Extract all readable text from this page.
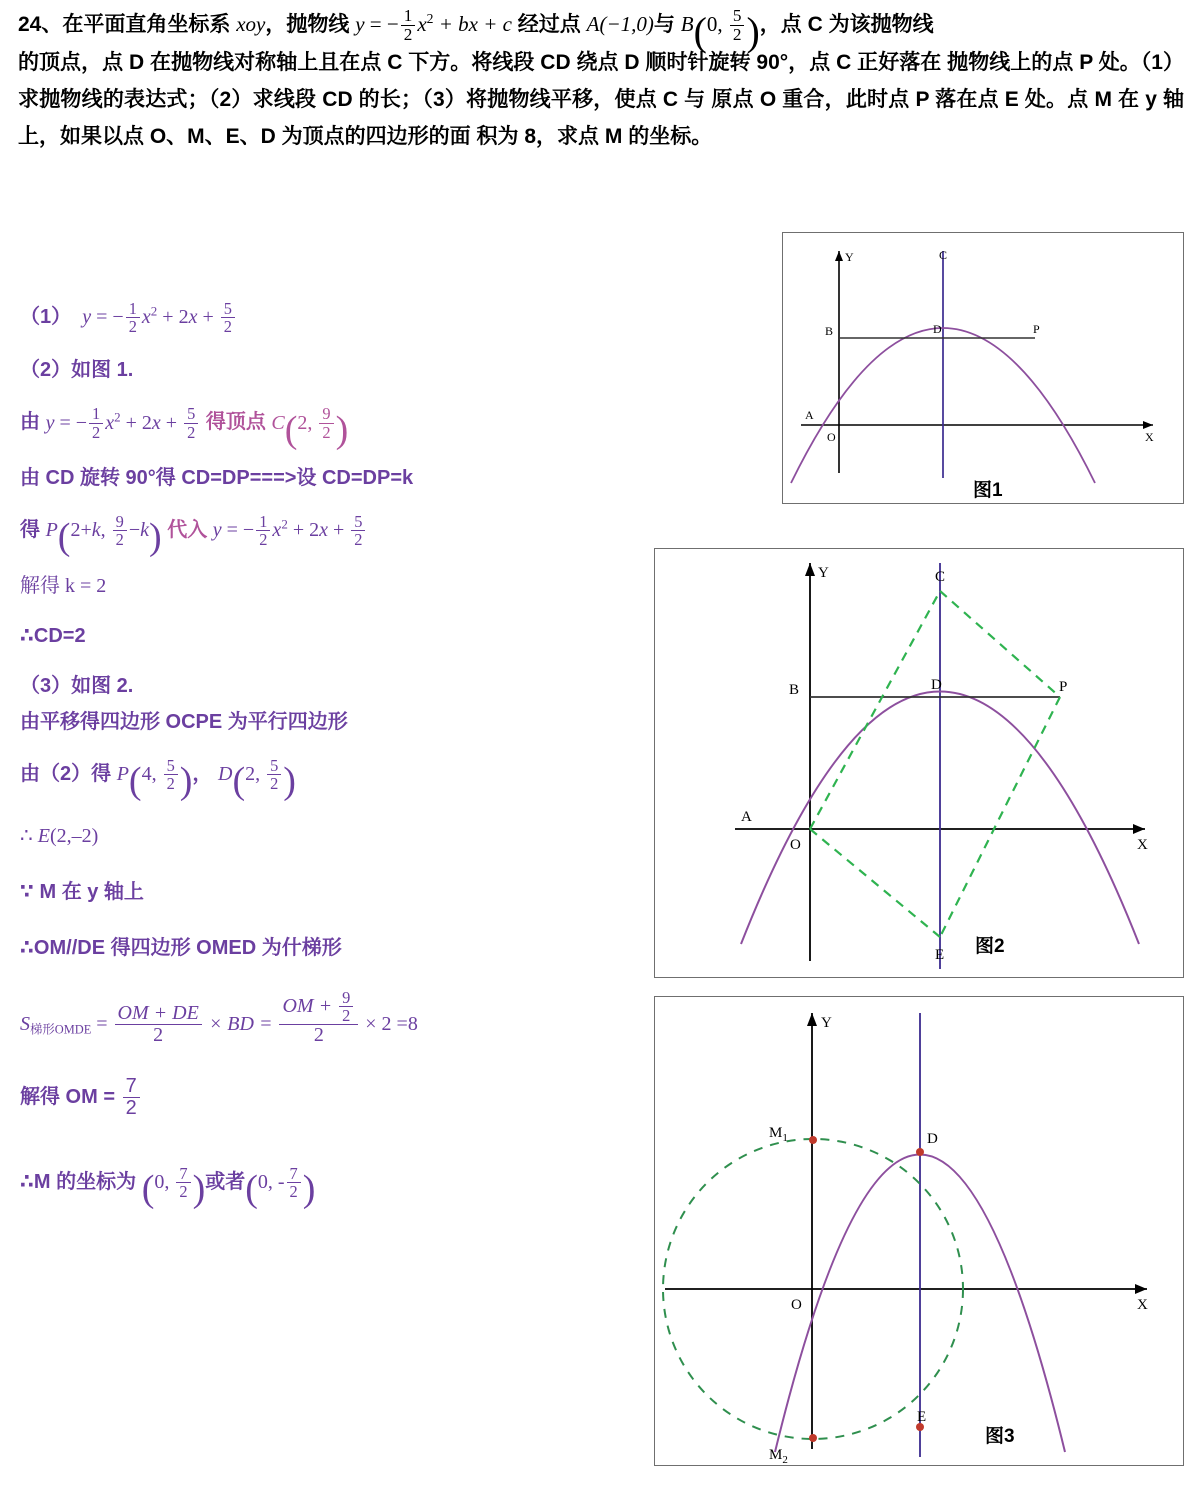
24、在平面直角坐标系 xoy，抛物线 y = − $\frac{1}{2} x^2$ + bx + c 经过点 A(−1,0)与 B(0, $\frac{5}{2}$ )，点 C 为该抛物线
的顶点，点 D 在抛物线对称轴上且在点 C 下方。将线段 CD 绕点 D 顺时针旋转 90°，点 C 正好落在 抛物线上的点 P 处。（1）求抛物线的表达式；（2）求线段 CD 的长；（3）将抛物线平移，使点 C 与 原点 O 重合，此时点 P 落在点 E 处。点 M 在 y 轴上，如果以点 O、M、E、D 为顶点的四边形的面 积为 8，求点 M 的坐标。
（1） y = − $\frac{1}{2} x^2 + 2x + \frac{5}{2}$
（2）如图 1.
由 y = − $\frac{1}{2} x^2 + 2x + \frac{5}{2}$ 得顶点 C(2, $\frac{9}{2}$ )
由 CD 旋转 90°得 CD=DP===>设 CD=DP=k
得 P(2+k, $\frac{9}{2} -k$) 代入 y = − $\frac{1}{2} x^2 + 2x + \frac{5}{2}$
解得 k = 2
∴CD=2
（3）如图 2.
由平移得四边形 OCPE 为平行四边形
由（2）得 P(4, $\frac{5}{2}$ )， D(2, $\frac{5}{2}$ )
∴ E(2,–2)
∵ M 在 y 轴上
∴OM//DE 得四边形 OMED 为什梯形
$S_{梯形OMDE} = \frac{OM + DE}{2}$ × BD = $\frac{OM + \frac{9}{2}}{2} \times 2 =8$
解得 OM = $\frac{7}{2}$
∴M 的坐标为 (0, $\frac{7}{2}$ )或者(0, - $\frac{7}{2}$ )
Y
X
O
A
B
C
D	P
图1
Y
X
O
A
B
C
D	P
E 图2
Y
X
O
$M_1$
$M_2$
D
E
图3
